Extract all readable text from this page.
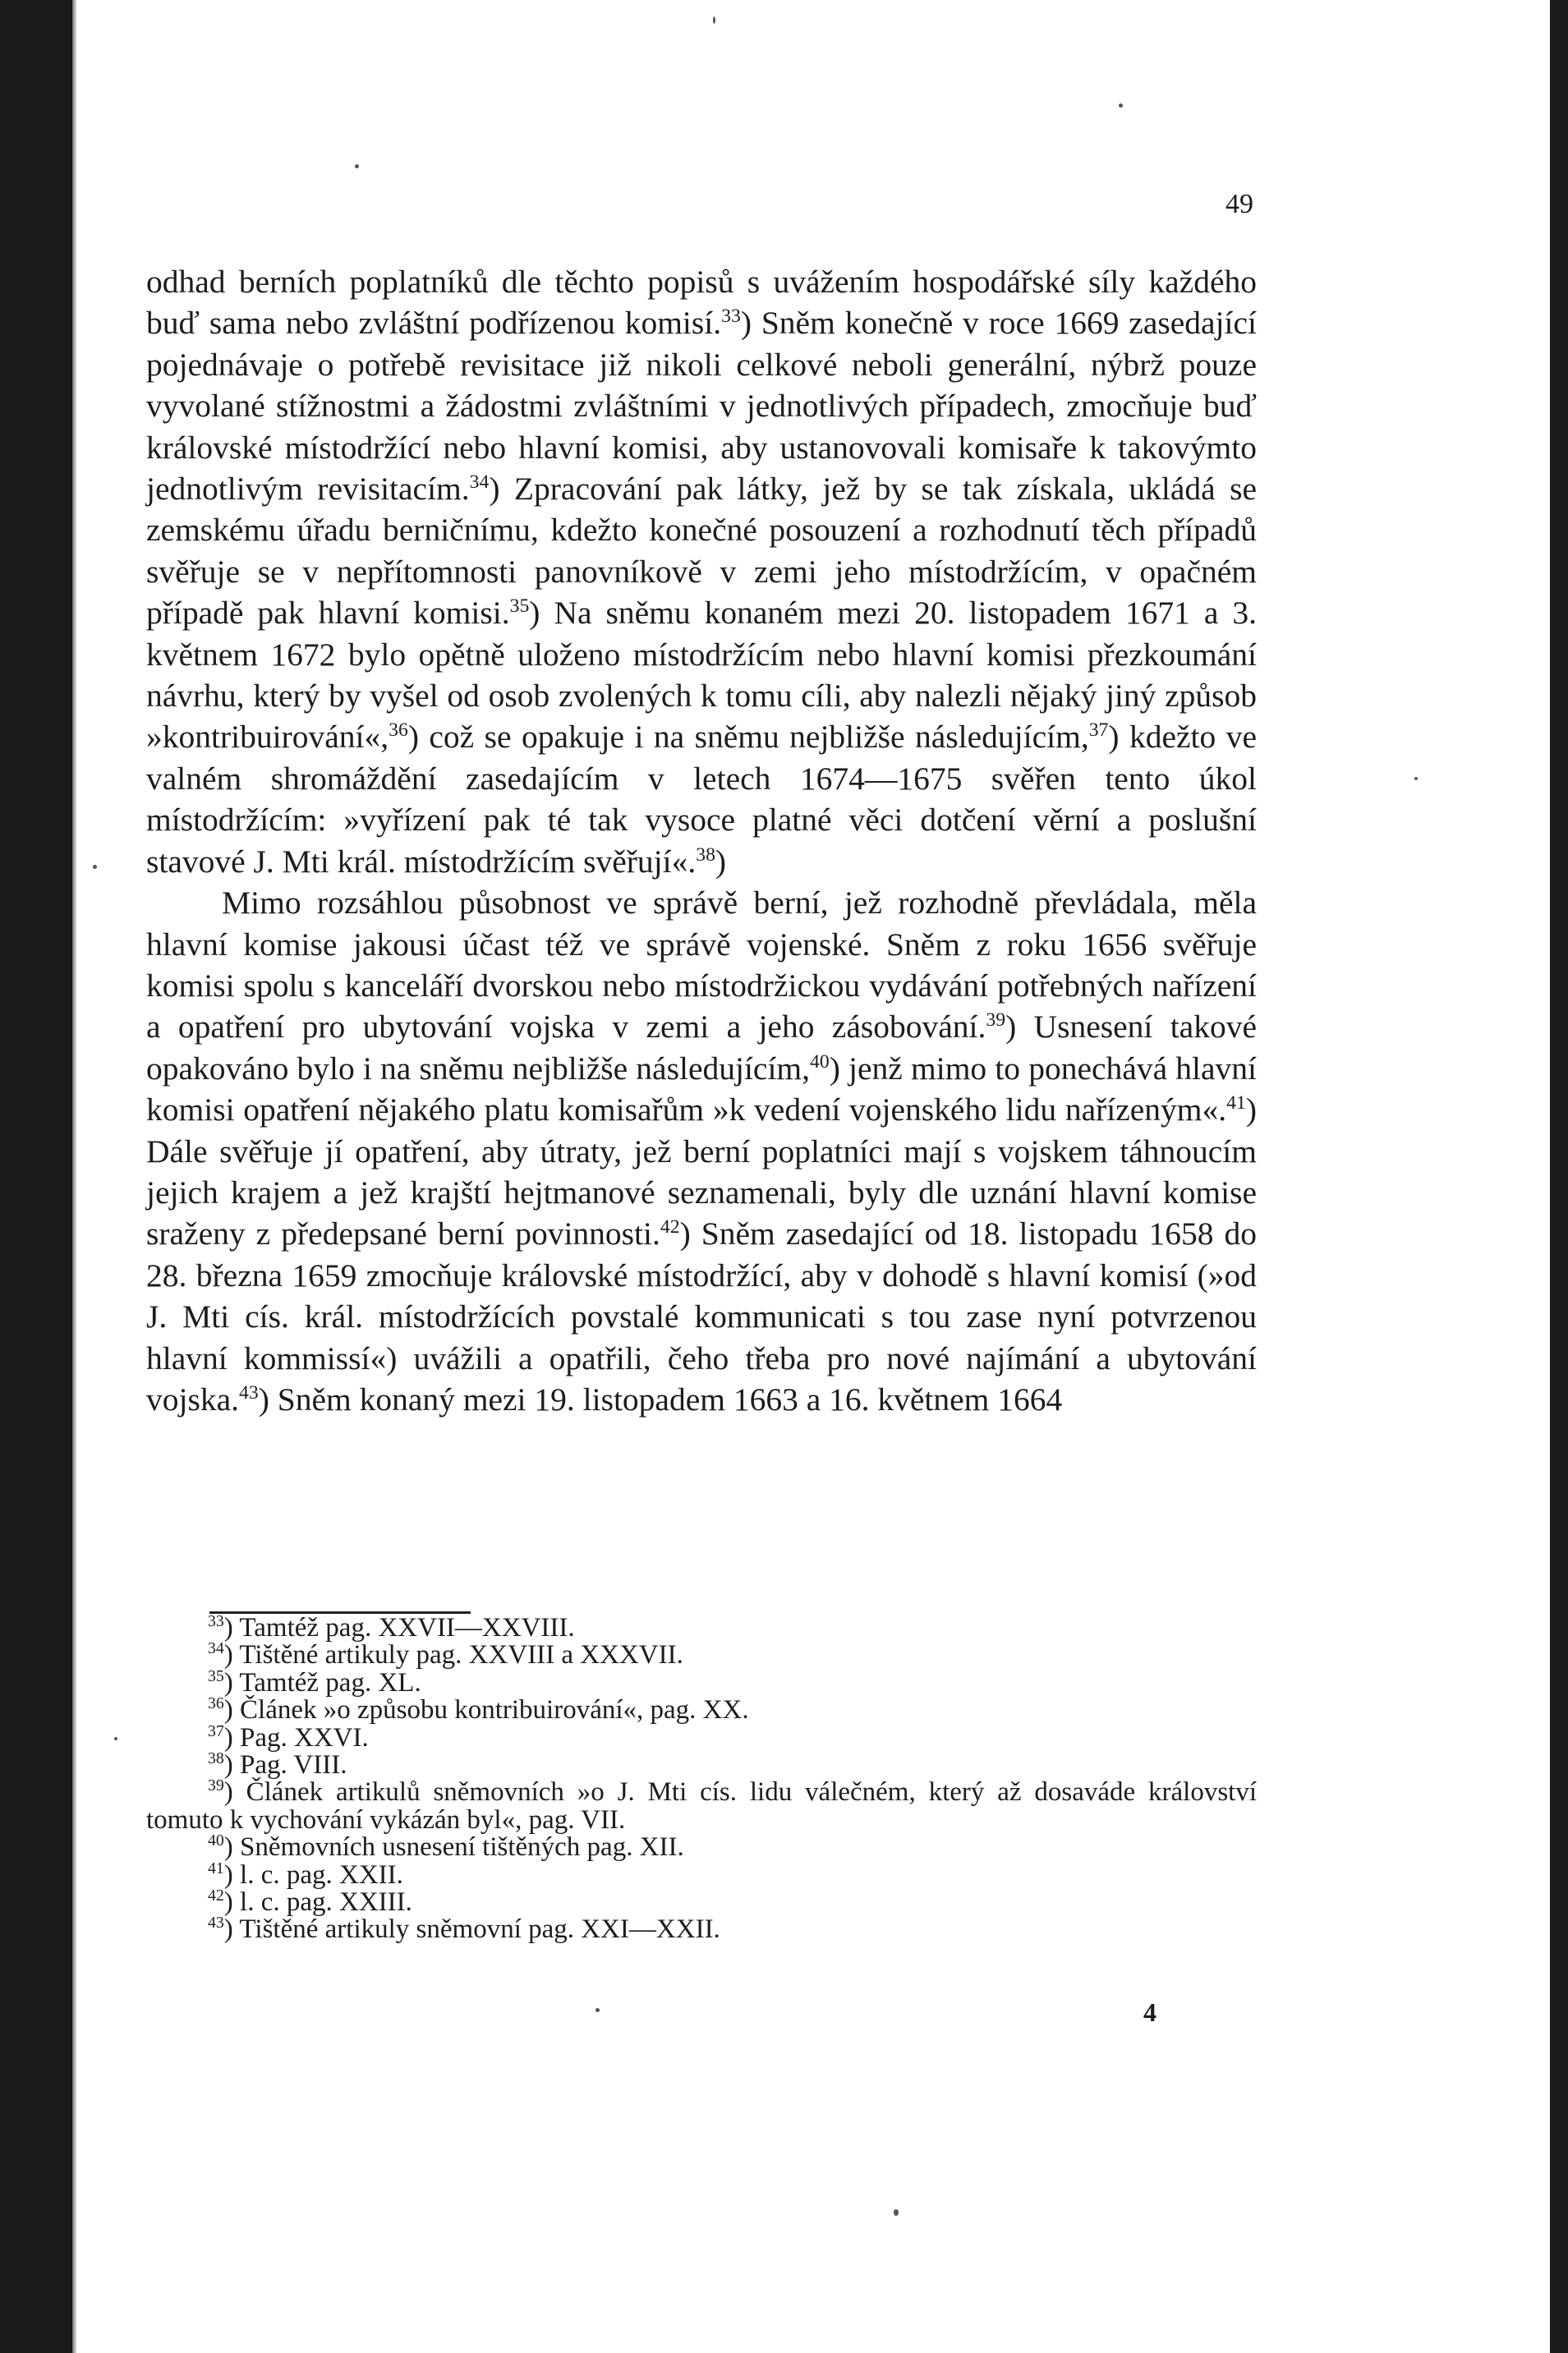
49

odhad berních poplatníků dle těchto popisů s uvážením hospodářské síly každého buď sama nebo zvláštní podřízenou komisí.$^{33}$) Sněm konečně v roce 1669 zasedající pojednávaje o potřebě revisitace již nikoli celkové neboli generální, nýbrž pouze vyvolané stížnostmi a žádostmi zvláštními v jednotlivých případech, zmocňuje buď královské místodržící nebo hlavní komisi, aby ustanovovali komisaře k takovýmto jednotlivým revisitacím.$^{34}$) Zpracování pak látky, jež by se tak získala, ukládá se zemskému úřadu berničnímu, kdežto konečné posouzení a rozhodnutí těch případů svěřuje se v nepřítomnosti panovníkově v zemi jeho místodržícím, v opačném případě pak hlavní komisi.$^{35}$) Na sněmu konaném mezi 20. listopadem 1671 a 3. květnem 1672 bylo opětně uloženo místodržícím nebo hlavní komisi přezkoumání návrhu, který by vyšel od osob zvolených k tomu cíli, aby nalezli nějaký jiný způsob »kontribuirování«,$^{36}$) což se opakuje i na sněmu nejbližše následujícím,$^{37}$) kdežto ve valném shromáždění zasedajícím v letech 1674—1675 svěřen tento úkol místodržícím: »vyřízení pak té tak vysoce platné věci dotčení věrní a poslušní stavové J. Mti král. místodržícím svěřují«.$^{38}$)

Mimo rozsáhlou působnost ve správě berní, jež rozhodně převládala, měla hlavní komise jakousi účast též ve správě vojenské. Sněm z roku 1656 svěřuje komisi spolu s kanceláří dvorskou nebo místodržickou vydávání potřebných nařízení a opatření pro ubytování vojska v zemi a jeho zásobování.$^{39}$) Usnesení takové opakováno bylo i na sněmu nejbližše následujícím,$^{40}$) jenž mimo to ponechává hlavní komisi opatření nějakého platu komisařům »k vedení vojenského lidu nařízeným«.$^{41}$) Dále svěřuje jí opatření, aby útraty, jež berní poplatníci mají s vojskem táhnoucím jejich krajem a jež krajští hejtmanové seznamenali, byly dle uznání hlavní komise sraženy z předepsané berní povinnosti.$^{42}$) Sněm zasedající od 18. listopadu 1658 do 28. března 1659 zmocňuje královské místodržící, aby v dohodě s hlavní komisí (»od J. Mti cís. král. místodržících povstalé kommunicati s tou zase nyní potvrzenou hlavní kommissí«) uvážili a opatřili, čeho třeba pro nové najímání a ubytování vojska.$^{43}$) Sněm konaný mezi 19. listopadem 1663 a 16. květnem 1664

$^{33}$) Tamtéž pag. XXVII—XXVIII.
$^{34}$) Tištěné artikuly pag. XXVIII a XXXVII.
$^{35}$) Tamtéž pag. XL.
$^{36}$) Článek »o způsobu kontribuirování«, pag. XX.
$^{37}$) Pag. XXVI.
$^{38}$) Pag. VIII.
$^{39}$) Článek artikulů sněmovních »o J. Mti cís. lidu válečném, který až dosaváde království tomuto k vychování vykázán byl«, pag. VII.
$^{40}$) Sněmovních usnesení tištěných pag. XII.
$^{41}$) l. c. pag. XXII.
$^{42}$) l. c. pag. XXIII.
$^{43}$) Tištěné artikuly sněmovní pag. XXI—XXII.
4
